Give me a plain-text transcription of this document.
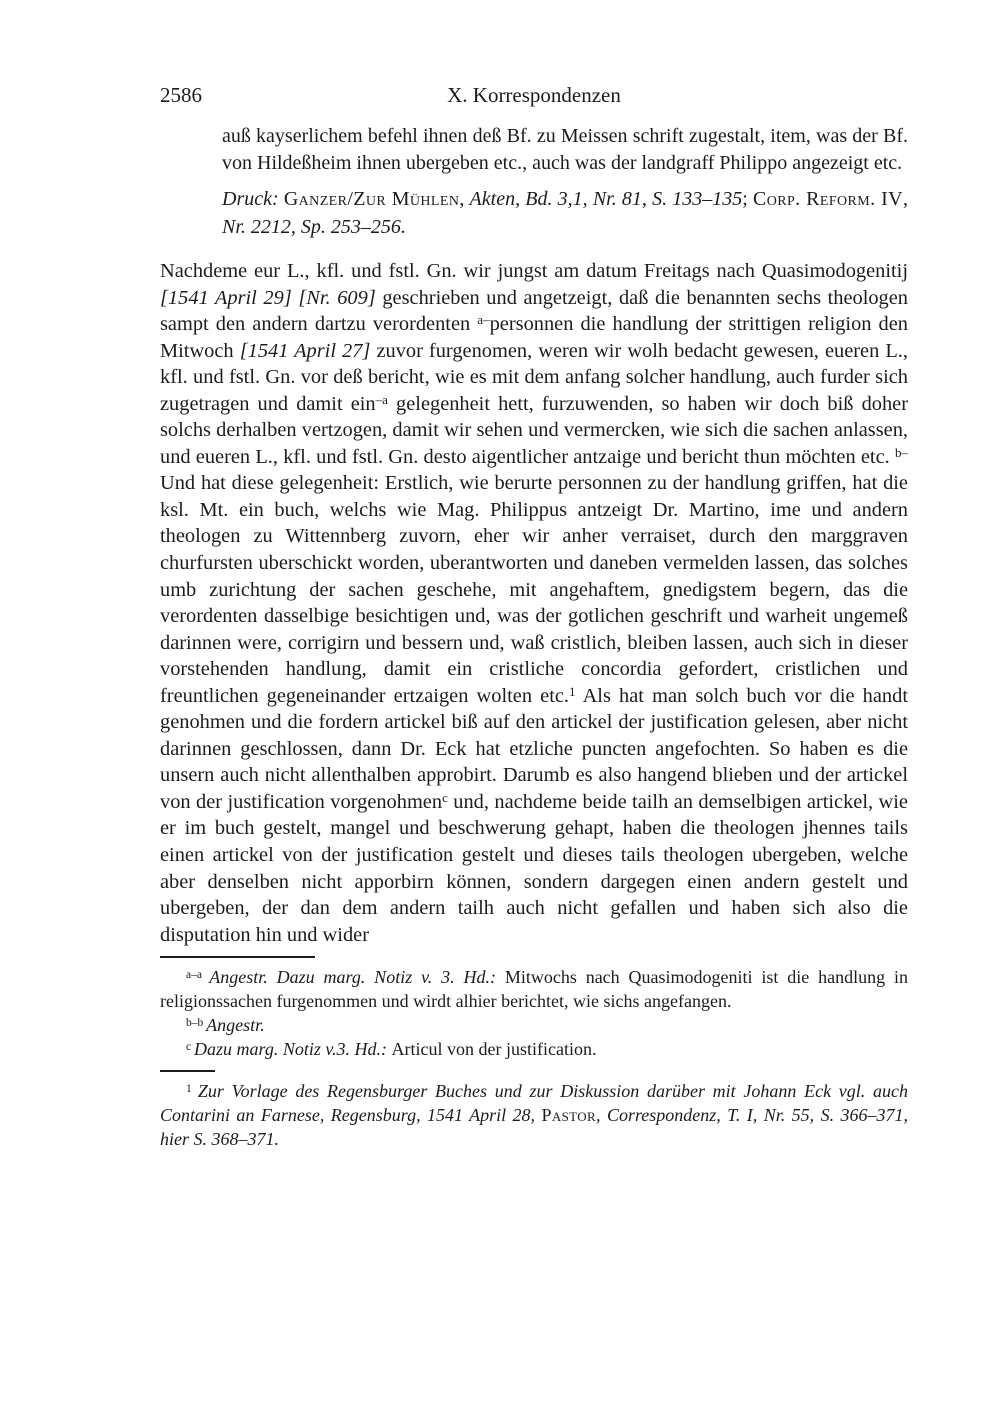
2586	X. Korrespondenzen

auß kayserlichem befehl ihnen deß Bf. zu Meissen schrift zugestalt, item, was der Bf. von Hildeßheim ihnen ubergeben etc., auch was der landgraff Philippo angezeigt etc.

Druck: Ganzer/Zur Mühlen, Akten, Bd. 3,1, Nr. 81, S. 133–135; Corp. Reform. IV, Nr. 2212, Sp. 253–256.

Nachdeme eur L., kfl. und fstl. Gn. wir jungst am datum Freitags nach Quasimodogenitij [1541 April 29] [Nr. 609] geschrieben und angetzeigt, daß die benannten sechs theologen sampt den andern dartzu verordenten $^{a-}$personnen die handlung der strittigen religion den Mitwoch [1541 April 27] zuvor furgenomen, weren wir wolh bedacht gewesen, eueren L., kfl. und fstl. Gn. vor deß bericht, wie es mit dem anfang solcher handlung, auch furder sich zugetragen und damit ein$^{-a}$ gelegenheit hett, furzuwenden, so haben wir doch biß doher solchs derhalben vertzogen, damit wir sehen und vermercken, wie sich die sachen anlassen, und eueren L., kfl. und fstl. Gn. desto aigentlicher antzaige und bericht thun möchten etc. $^{b-}$Und hat diese gelegenheit: Erstlich, wie berurte personnen zu der handlung griffen, hat die ksl. Mt. ein buch, welchs wie Mag. Philippus antzeigt Dr. Martino, ime und andern theologen zu Wittennberg zuvorn, eher wir anher verraiset, durch den marggraven churfursten uberschickt worden, uberantworten und daneben vermelden lassen, das solches umb zurichtung der sachen geschehe, mit angehaftem, gnedigstem begern, das die verordenten dasselbige besichtigen und, was der gotlichen geschrift und warheit ungemeß darinnen were, corrigirn und bessern und, waß cristlich, bleiben lassen, auch sich in dieser vorstehenden handlung, damit ein cristliche concordia gefordert, cristlichen und freuntlichen gegeneinander ertzaigen wolten etc.$^1$ Als hat man solch buch vor die handt genohmen und die fordern artickel biß auf den artickel der justification gelesen, aber nicht darinnen geschlossen, dann Dr. Eck hat etzliche puncten angefochten. So haben es die unsern auch nicht allenthalben approbirt. Darumb es also hangend blieben und der artickel von der justification vorgenohmen$^c$ und, nachdeme beide tailh an demselbigen artickel, wie er im buch gestelt, mangel und beschwerung gehapt, haben die theologen jhennes tails einen artickel von der justification gestelt und dieses tails theologen ubergeben, welche aber denselben nicht apporbirn können, sondern dargegen einen andern gestelt und ubergeben, der dan dem andern tailh auch nicht gefallen und haben sich also die disputation hin und wider

$^{a-a}$ Angestr. Dazu marg. Notiz v. 3. Hd.: Mitwochs nach Quasimodogeniti ist die handlung in religionssachen furgenommen und wirdt alhier berichtet, wie sichs angefangen.

$^{b-b}$ Angestr.

$^c$ Dazu marg. Notiz v.3. Hd.: Articul von der justification.

$^1$ Zur Vorlage des Regensburger Buches und zur Diskussion darüber mit Johann Eck vgl. auch Contarini an Farnese, Regensburg, 1541 April 28, Pastor, Correspondenz, T. I, Nr. 55, S. 366–371, hier S. 368–371.
